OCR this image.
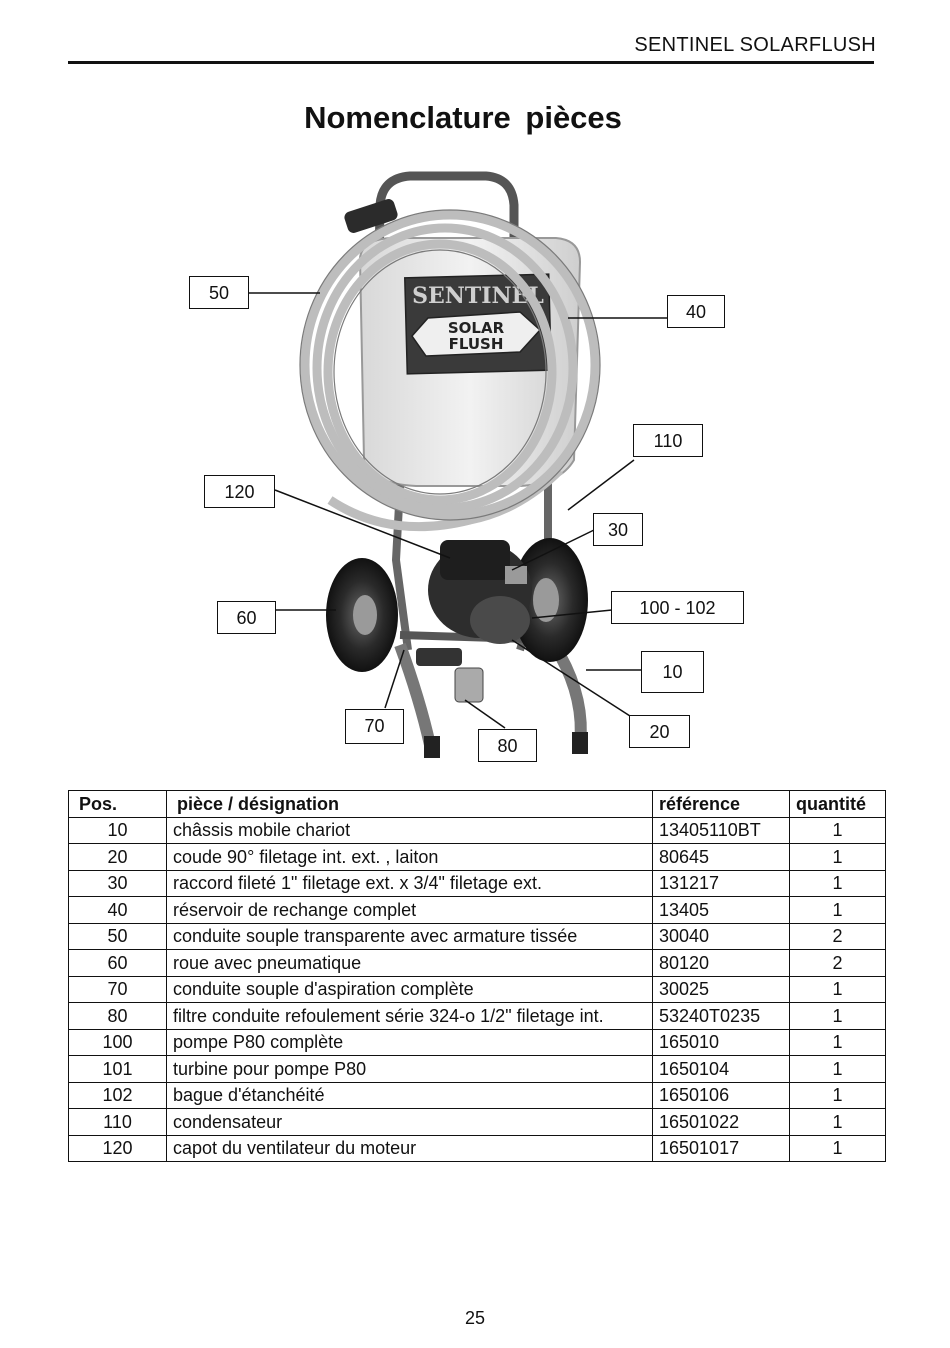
SENTINEL SOLARFLUSH
Nomenclature pièces
SENTINEL
SOLAR
FLUSH
50
40
110
120
30
60	100 - 102
10
70	20
80
Pos.	pièce / désignation	référence	quantité
10	châssis mobile chariot	13405110BT	1
20	coude 90° filetage int. ext. , laiton	80645	1
30	raccord fileté 1" filetage ext. x 3/4" filetage ext.	131217	1
40	réservoir de rechange complet	13405	1
50	conduite souple transparente avec armature tissée	30040	2
60	roue avec pneumatique	80120	2
70	conduite souple d'aspiration complète	30025	1
80	filtre conduite refoulement série 324-o 1/2" filetage int.	53240T0235	1
100	pompe P80 complète	165010	1
101	turbine pour pompe P80	1650104	1
102	bague d'étanchéité	1650106	1
110	condensateur	16501022	1
120	capot du ventilateur du moteur	16501017	1
25
